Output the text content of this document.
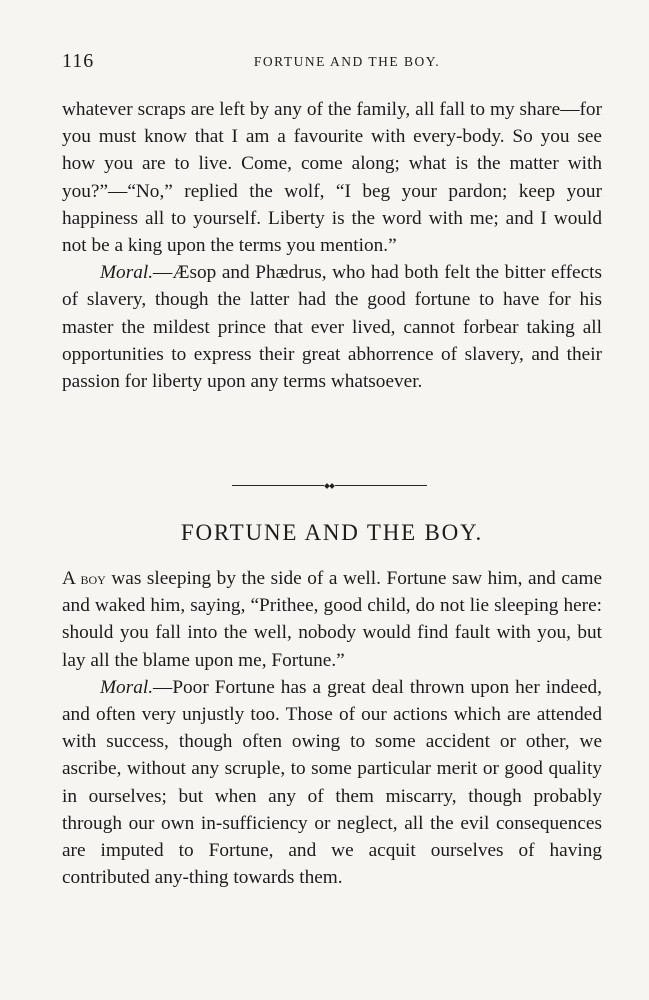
116	FORTUNE AND THE BOY.

whatever scraps are left by any of the family, all fall to my share—for you must know that I am a favourite with every-body. So you see how you are to live. Come, come along; what is the matter with you?”—“No,” replied the wolf, “I beg your pardon; keep your happiness all to yourself. Liberty is the word with me; and I would not be a king upon the terms you mention.”

Moral.—Æsop and Phædrus, who had both felt the bitter effects of slavery, though the latter had the good fortune to have for his master the mildest prince that ever lived, cannot forbear taking all opportunities to express their great abhorrence of slavery, and their passion for liberty upon any terms whatsoever.

FORTUNE AND THE BOY.

A boy was sleeping by the side of a well. Fortune saw him, and came and waked him, saying, “Prithee, good child, do not lie sleeping here: should you fall into the well, nobody would find fault with you, but lay all the blame upon me, Fortune.”

Moral.—Poor Fortune has a great deal thrown upon her indeed, and often very unjustly too. Those of our actions which are attended with success, though often owing to some accident or other, we ascribe, without any scruple, to some particular merit or good quality in ourselves; but when any of them miscarry, though probably through our own in-sufficiency or neglect, all the evil consequences are imputed to Fortune, and we acquit ourselves of having contributed any-thing towards them.
